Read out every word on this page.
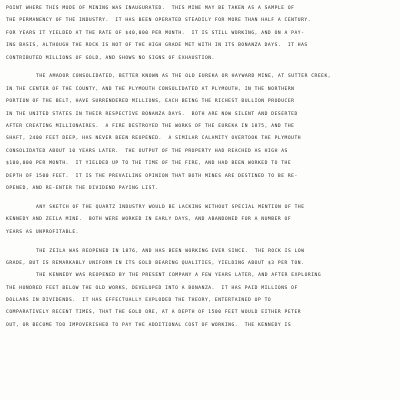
POINT WHERE THIS MODE OF MINING WAS INAUGURATED.  THIS MINE MAY BE TAKEN AS A SAMPLE OF
THE PERMANENCY OF THE INDUSTRY.  IT HAS BEEN OPERATED STEADILY FOR MORE THAN HALF A CENTURY.
FOR YEARS IT YIELDED AT THE RATE OF $40,000 PER MONTH.  IT IS STILL WORKING, AND ON A PAY-
ING BASIS, ALTHOUGH THE ROCK IS NOT OF THE HIGH GRADE MET WITH IN ITS BONANZA DAYS.  IT HAS
CONTRIBUTED MILLIONS OF GOLD, AND SHOWS NO SIGNS OF EXHAUSTION.
THE AMADOR CONSOLIDATED, BETTER KNOWN AS THE OLD EUREKA OR HAYWARD MINE, AT SUTTER CREEK,
IN THE CENTER OF THE COUNTY, AND THE PLYMOUTH CONSOLIDATED AT PLYMOUTH, IN THE NORTHERN
PORTION OF THE BELT, HAVE SURRENDERED MILLIONS, EACH BEING THE RICHEST BULLION PRODUCER
IN THE UNITED STATES IN THEIR RESPECTIVE BONANZA DAYS.  BOTH ARE NOW SILENT AND DESERTED
AFTER CREATING MILLIONAIRES.  A FIRE DESTROYED THE WORKS OF THE EUREKA IN 1875, AND THE
SHAFT, 2400 FEET DEEP, HAS NEVER BEEN REOPENED.  A SIMILAR CALAMITY OVERTOOK THE PLYMOUTH
CONSOLIDATED ABOUT 10 YEARS LATER.  THE OUTPUT OF THE PROPERTY HAD REACHED AS HIGH AS
$100,000 PER MONTH.  IT YIELDED UP TO THE TIME OF THE FIRE, AND HAD BEEN WORKED TO THE
DEPTH OF 1500 FEET.  IT IS THE PREVAILING OPINION THAT BOTH MINES ARE DESTINED TO BE RE-
OPENED, AND RE-ENTER THE DIVIDEND PAYING LIST.
ANY SKETCH OF THE QUARTZ INDUSTRY WOULD BE LACKING WITHOUT SPECIAL MENTION OF THE
KENNEDY AND ZEILA MINE.  BOTH WERE WORKED IN EARLY DAYS, AND ABANDONED FOR A NUMBER OF
YEARS AS UNPROFITABLE.
THE ZEILA WAS REOPENED IN 1876, AND HAS BEEN WORKING EVER SINCE.  THE ROCK IS LOW
GRADE, BUT IS REMARKABLY UNIFORM IN ITS GOLD BEARING QUALITIES, YIELDING ABOUT $3 PER TON.
THE KENNEDY WAS REOPENED BY THE PRESENT COMPANY A FEW YEARS LATER, AND AFTER EXPLORING
THE HUNDRED FEET BELOW THE OLD WORKS, DEVELOPED INTO A BONANZA.  IT HAS PAID MILLIONS OF
DOLLARS IN DIVIDENDS.  IT HAS EFFECTUALLY EXPLODED THE THEORY, ENTERTAINED UP TO
COMPARATIVELY RECENT TIMES, THAT THE GOLD ORE, AT A DEPTH OF 1500 FEET WOULD EITHER PETER
OUT, OR BECOME TOO IMPOVERISHED TO PAY THE ADDITIONAL COST OF WORKING.  THE KENNEDY IS
